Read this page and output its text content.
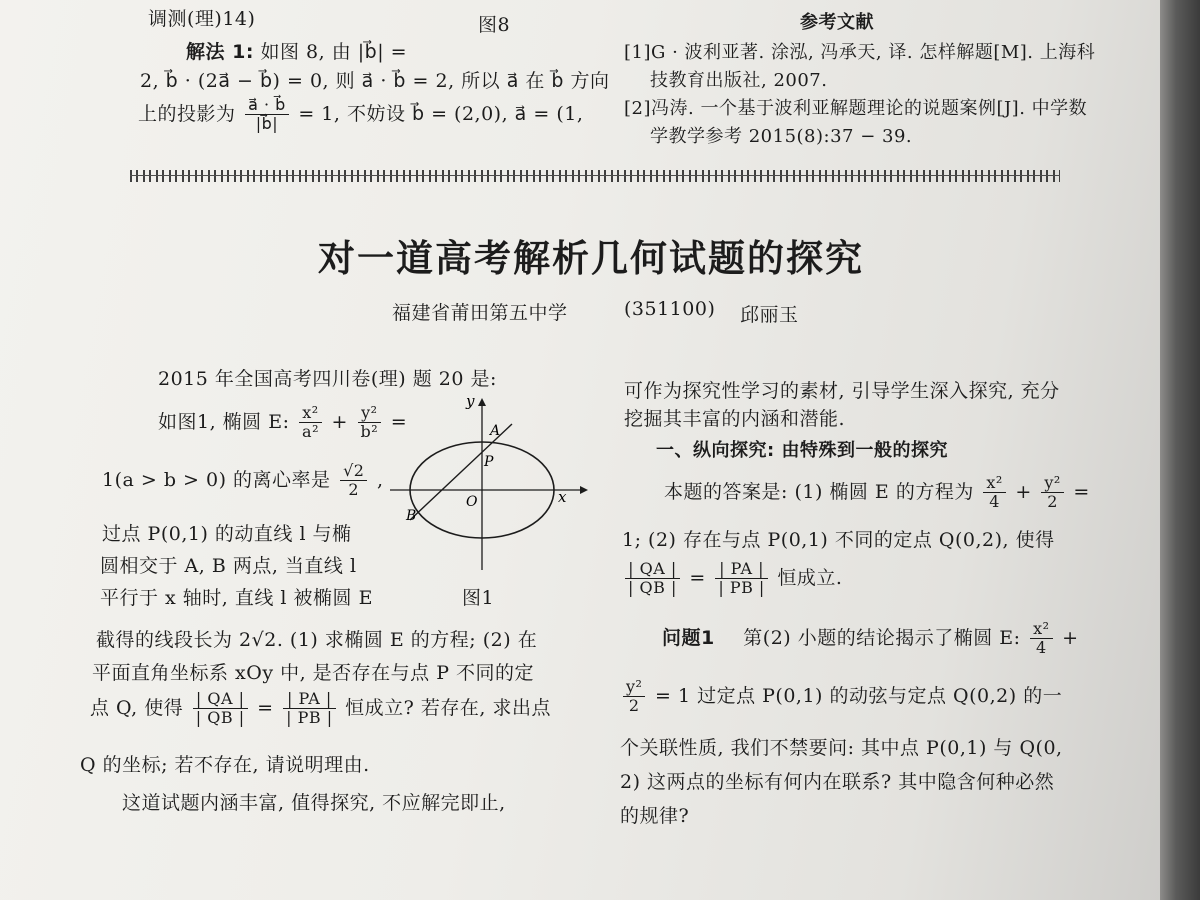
调测(理)14)	图8
解法 1: 如图 8, 由 |b⃗| =
2, b⃗ · (2a⃗ − b⃗) = 0, 则 a⃗ · b⃗ = 2, 所以 a⃗ 在 b⃗ 方向
上的投影为 $\frac{a⃗ \cdot b⃗}{|b⃗|} = 1$, 不妨设 b⃗ = (2,0), a⃗ = (1,
参考文献
[1]G · 波利亚著. 涂泓, 冯承天, 译. 怎样解题[M]. 上海科
技教育出版社, 2007.
[2]冯涛. 一个基于波利亚解题理论的说题案例[J]. 中学数
学教学参考 2015(8):37 − 39.
对一道高考解析几何试题的探究
福建省莆田第五中学	(351100) 邱丽玉
2015 年全国高考四川卷(理) 题 20 是:
如图1, 椭圆 E: $\frac{\text{x²}}{\text{a²}} + \frac{\text{y²}}{\text{b²}}$ =
1(a > b > 0) 的离心率是 $\frac{√2}{2}$ ,
过点 P(0,1) 的动直线 l 与椭
圆相交于 A, B 两点, 当直线 l
平行于 x 轴时, 直线 l 被椭圆 E
截得的线段长为 2√2. (1) 求椭圆 E 的方程; (2) 在
平面直角坐标系 xOy 中, 是否存在与点 P 不同的定
点 Q, 使得 $\frac{| QA |}{| QB |} = \frac{| PA |}{| PB |}$ 恒成立? 若存在, 求出点
Q 的坐标; 若不存在, 请说明理由.
这道试题内涵丰富, 值得探究, 不应解完即止,
x
y
O
A
P
B
图1
可作为探究性学习的素材, 引导学生深入探究, 充分
挖掘其丰富的内涵和潜能.
一、纵向探究: 由特殊到一般的探究
本题的答案是: (1) 椭圆 E 的方程为 $\frac{\text{x²}}{4} + \frac{\text{y²}}{2}$ =
1; (2) 存在与点 P(0,1) 不同的定点 Q(0,2), 使得
$\frac{| QA |}{| QB |} = \frac{| PA |}{| PB |}$ 恒成立.
问题1 第(2) 小题的结论揭示了椭圆 E: $\frac{\text{x²}}{4}$ +
$\frac{\text{y²}}{2} = 1$ 过定点 P(0,1) 的动弦与定点 Q(0,2) 的一
个关联性质, 我们不禁要问: 其中点 P(0,1) 与 Q(0,
2) 这两点的坐标有何内在联系? 其中隐含何种必然
的规律?
